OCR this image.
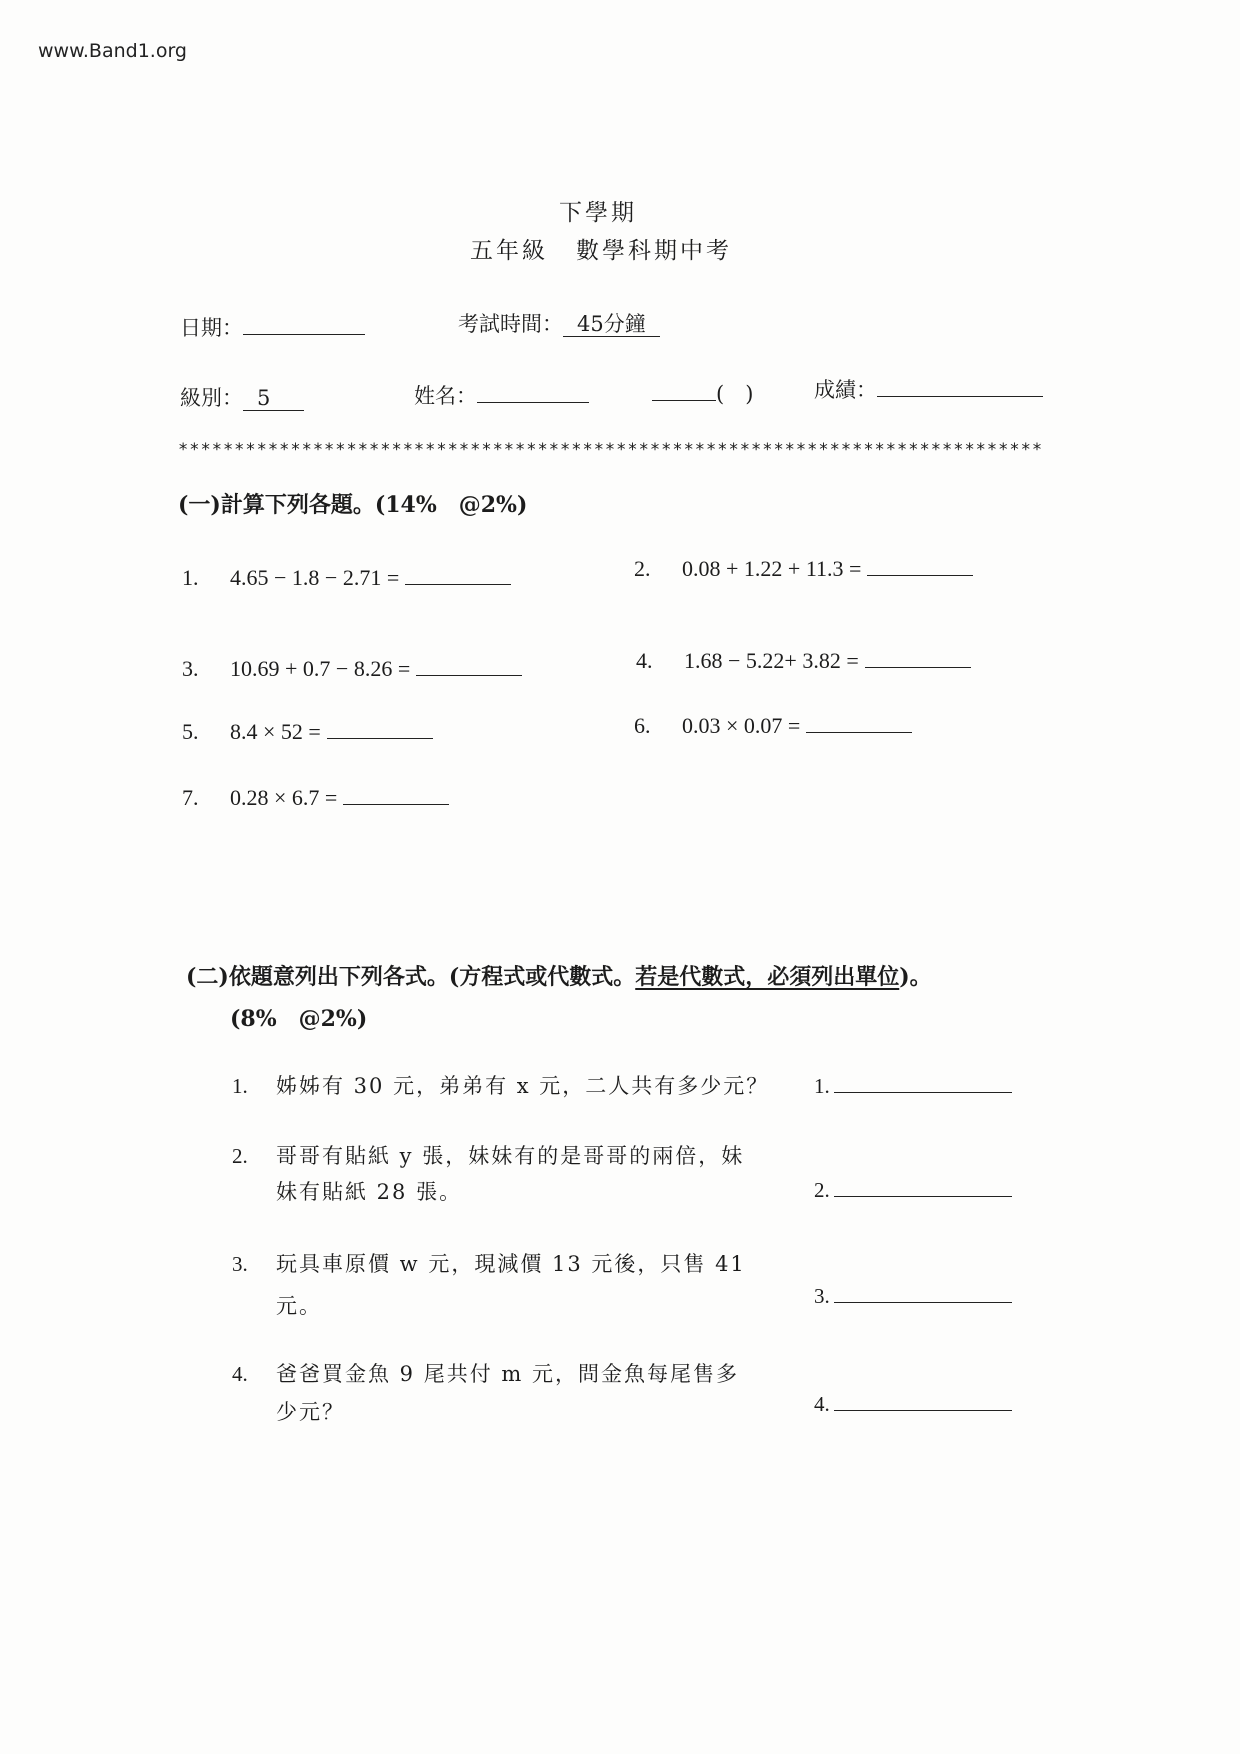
www.Band1.org
下學期
五年級 數學科期中考
日期：	考試時間： 45分鐘
級別： 5	姓名：	(　)	成績：
*****************************************************************************
(一)計算下列各題。(14%　@2%)
1. 4.65 − 1.8 − 2.71 =	2. 0.08 + 1.22 + 11.3 =
3. 10.69 + 0.7 − 8.26 =	4. 1.68 − 5.22+ 3.82 =
5. 8.4 × 52 =	6. 0.03 × 0.07 =
7. 0.28 × 6.7 =
(二)依題意列出下列各式。(方程式或代數式。若是代數式，必須列出單位)。
(8%　@2%)
1. 姊姊有 30 元，弟弟有 x 元，二人共有多少元？ 1.
2. 哥哥有貼紙 y 張，妹妹有的是哥哥的兩倍，妹
妹有貼紙 28 張。	2.
3. 玩具車原價 w 元，現減價 13 元後，只售 41
元。	3.
4. 爸爸買金魚 9 尾共付 m 元，問金魚每尾售多
少元？	4.
